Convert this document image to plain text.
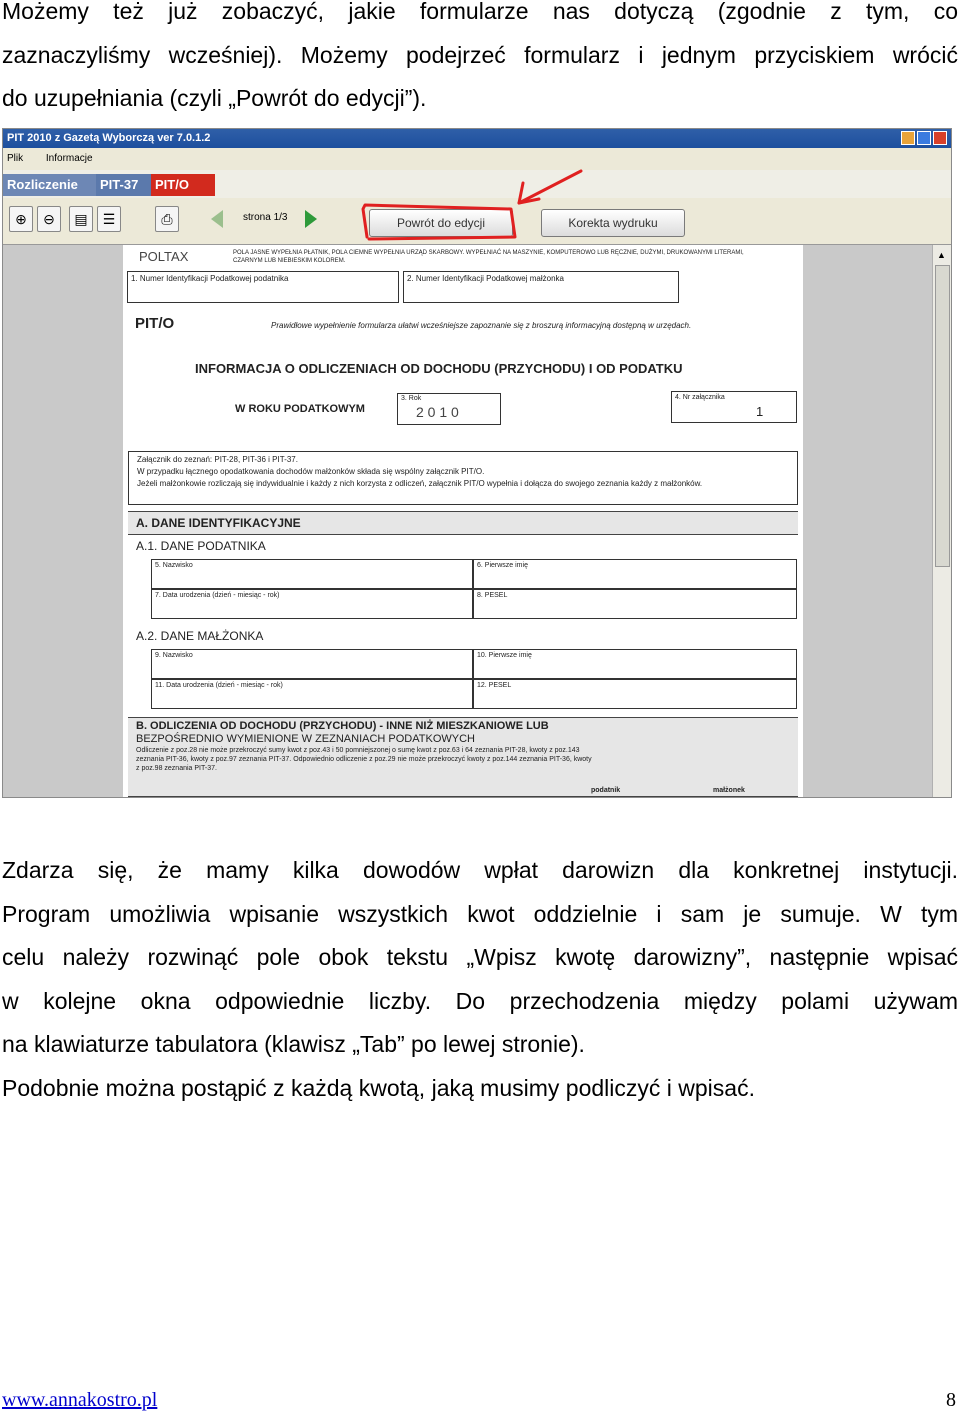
Możemy też już zobaczyć, jakie formularze nas dotyczą (zgodnie z tym, co
zaznaczyliśmy wcześniej). Możemy podejrzeć formularz i jednym przyciskiem wrócić
do uzupełniania (czyli „Powrót do edycji”).
PIT 2010 z Gazetą Wyborczą ver 7.0.1.2
Plik Informacje
Rozliczenie	PIT-37	PIT/O
⊕	⊖	▤	☰	⎙	strona 1/3	Powrót do edycji	Korekta wydruku
▲
POLTAX	POLA JASNE WYPEŁNIA PŁATNIK, POLA CIEMNE WYPEŁNIA URZĄD SKARBOWY. WYPEŁNIAĆ NA MASZYNIE, KOMPUTEROWO LUB RĘCZNIE, DUŻYMI, DRUKOWANYMI LITERAMI, CZARNYM LUB NIEBIESKIM KOLOREM.
1. Numer Identyfikacji Podatkowej podatnika	2. Numer Identyfikacji Podatkowej małżonka
PIT/O	Prawidłowe wypełnienie formularza ułatwi wcześniejsze zapoznanie się z broszurą informacyjną dostępną w urzędach.
INFORMACJA O ODLICZENIACH OD DOCHODU (PRZYCHODU) I OD PODATKU
W ROKU PODATKOWYM
3. Rok
2 0 1 0
4. Nr załącznika
1
Załącznik do zeznań: PIT-28, PIT-36 i PIT-37.
W przypadku łącznego opodatkowania dochodów małżonków składa się wspólny załącznik PIT/O.
Jeżeli małżonkowie rozliczają się indywidualnie i każdy z nich korzysta z odliczeń, załącznik PIT/O wypełnia i dołącza do swojego zeznania każdy z małżonków.
A. DANE IDENTYFIKACYJNE
A.1. DANE PODATNIKA
5. Nazwisko	6. Pierwsze imię
7. Data urodzenia (dzień - miesiąc - rok)	8. PESEL
A.2. DANE MAŁŻONKA
9. Nazwisko	10. Pierwsze imię
11. Data urodzenia (dzień - miesiąc - rok)	12. PESEL
B. ODLICZENIA OD DOCHODU (PRZYCHODU) - INNE NIŻ MIESZKANIOWE LUB
BEZPOŚREDNIO WYMIENIONE W ZEZNANIACH PODATKOWYCH
Odliczenie z poz.28 nie może przekroczyć sumy kwot z poz.43 i 50 pomniejszonej o sumę kwot z poz.63 i 64 zeznania PIT-28, kwoty z poz.143
zeznania PIT-36, kwoty z poz.97 zeznania PIT-37. Odpowiednio odliczenie z poz.29 nie może przekroczyć kwoty z poz.144 zeznania PIT-36, kwoty
z poz.98 zeznania PIT-37.
podatnik	małżonek
Zdarza się, że mamy kilka dowodów wpłat darowizn dla konkretnej instytucji.
Program umożliwia wpisanie wszystkich kwot oddzielnie i sam je sumuje. W tym
celu należy rozwinąć pole obok tekstu „Wpisz kwotę darowizny”, następnie wpisać
w kolejne okna odpowiednie liczby. Do przechodzenia między polami używam
na klawiaturze tabulatora (klawisz „Tab” po lewej stronie).
Podobnie można postąpić z każdą kwotą, jaką musimy podliczyć i wpisać.
www.annakostro.pl	8
